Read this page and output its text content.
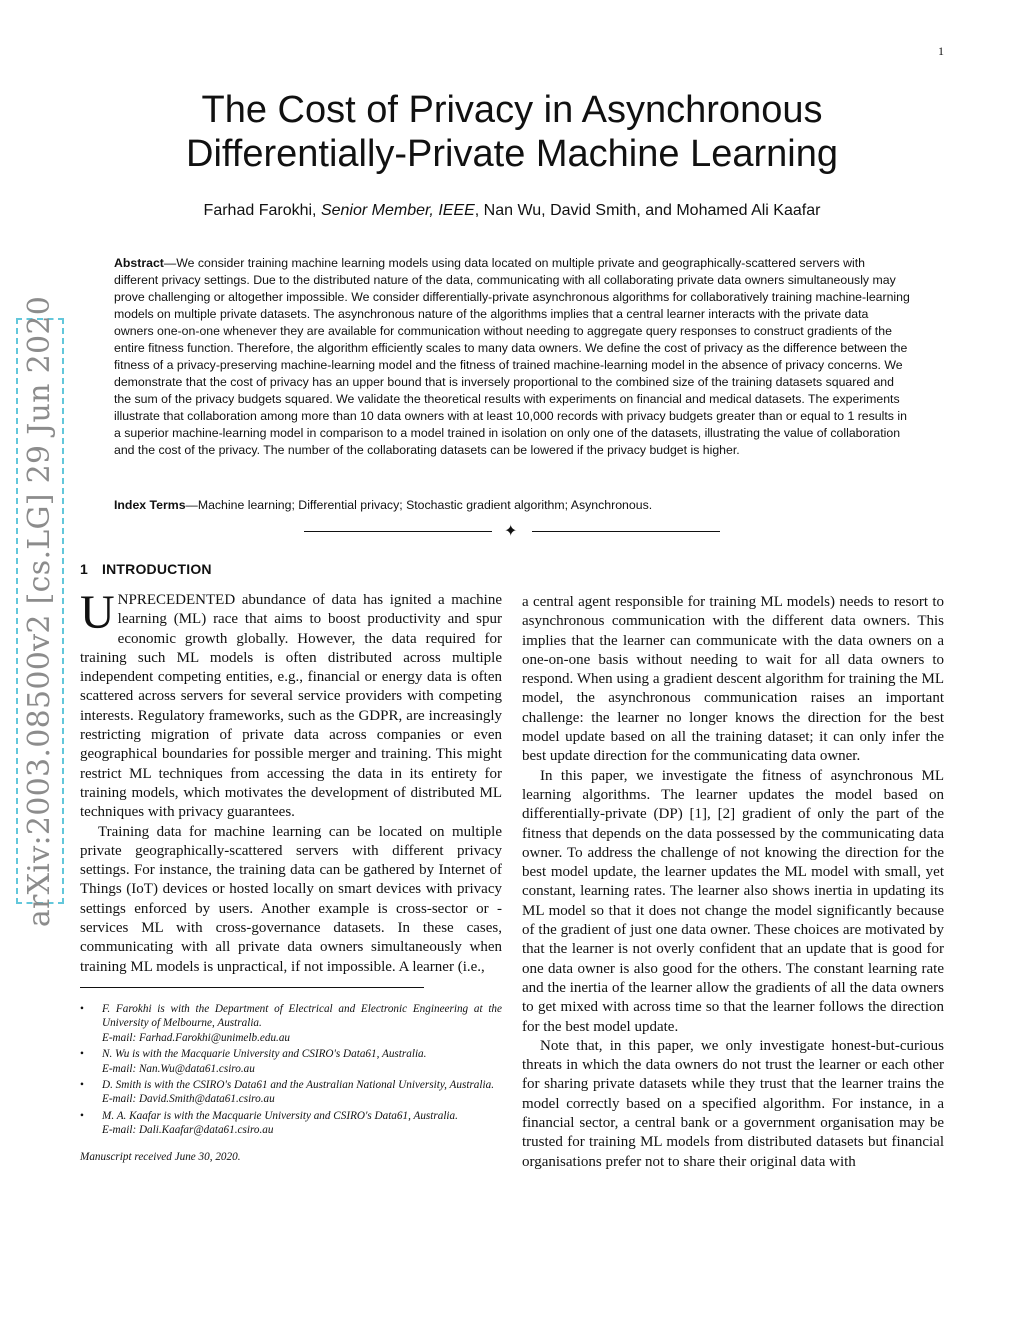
1
arXiv:2003.08500v2 [cs.LG] 29 Jun 2020
The Cost of Privacy in Asynchronous
Differentially-Private Machine Learning

Farhad Farokhi, Senior Member, IEEE, Nan Wu, David Smith, and Mohamed Ali Kaafar

Abstract—We consider training machine learning models using data located on multiple private and geographically-scattered servers with different privacy settings. Due to the distributed nature of the data, communicating with all collaborating private data owners simultaneously may prove challenging or altogether impossible. We consider differentially-private asynchronous algorithms for collaboratively training machine-learning models on multiple private datasets. The asynchronous nature of the algorithms implies that a central learner interacts with the private data owners one-on-one whenever they are available for communication without needing to aggregate query responses to construct gradients of the entire fitness function. Therefore, the algorithm efficiently scales to many data owners. We define the cost of privacy as the difference between the fitness of a privacy-preserving machine-learning model and the fitness of trained machine-learning model in the absence of privacy concerns. We demonstrate that the cost of privacy has an upper bound that is inversely proportional to the combined size of the training datasets squared and the sum of the privacy budgets squared. We validate the theoretical results with experiments on financial and medical datasets. The experiments illustrate that collaboration among more than 10 data owners with at least 10,000 records with privacy budgets greater than or equal to 1 results in a superior machine-learning model in comparison to a model trained in isolation on only one of the datasets, illustrating the value of collaboration and the cost of the privacy. The number of the collaborating datasets can be lowered if the privacy budget is higher.

Index Terms—Machine learning; Differential privacy; Stochastic gradient algorithm; Asynchronous.

✦
1 INTRODUCTION

UNPRECEDENTED abundance of data has ignited a machine learning (ML) race that aims to boost productivity and spur economic growth globally. However, the data required for training such ML models is often distributed across multiple independent competing entities, e.g., financial or energy data is often scattered across servers for several service providers with competing interests. Regulatory frameworks, such as the GDPR, are increasingly restricting migration of private data across companies or even geographical boundaries for possible merger and training. This might restrict ML techniques from accessing the data in its entirety for training models, which motivates the development of distributed ML techniques with privacy guarantees.

Training data for machine learning can be located on multiple private geographically-scattered servers with different privacy settings. For instance, the training data can be gathered by Internet of Things (IoT) devices or hosted locally on smart devices with privacy settings enforced by users. Another example is cross-sector or -services ML with cross-governance datasets. In these cases, communicating with all private data owners simultaneously when training ML models is unpractical, if not impossible. A learner (i.e.,

• F. Farokhi is with the Department of Electrical and Electronic Engineering at the University of Melbourne, Australia.
E-mail: Farhad.Farokhi@unimelb.edu.au
• N. Wu is with the Macquarie University and CSIRO's Data61, Australia.
E-mail: Nan.Wu@data61.csiro.au
• D. Smith is with the CSIRO's Data61 and the Australian National University, Australia.
E-mail: David.Smith@data61.csiro.au
• M. A. Kaafar is with the Macquarie University and CSIRO's Data61, Australia.
E-mail: Dali.Kaafar@data61.csiro.au
Manuscript received June 30, 2020.

a central agent responsible for training ML models) needs to resort to asynchronous communication with the different data owners. This implies that the learner can communicate with the data owners on a one-on-one basis without needing to wait for all data owners to respond. When using a gradient descent algorithm for training the ML model, the asynchronous communication raises an important challenge: the learner no longer knows the direction for the best model update based on all the training dataset; it can only infer the best update direction for the communicating data owner.

In this paper, we investigate the fitness of asynchronous ML learning algorithms. The learner updates the model based on differentially-private (DP) [1], [2] gradient of only the part of the fitness that depends on the data possessed by the communicating data owner. To address the challenge of not knowing the direction for the best model update, the learner updates the ML model with small, yet constant, learning rates. The learner also shows inertia in updating its ML model so that it does not change the model significantly because of the gradient of just one data owner. These choices are motivated by that the learner is not overly confident that an update that is good for one data owner is also good for the others. The constant learning rate and the inertia of the learner allow the gradients of all the data owners to get mixed with across time so that the learner follows the direction for the best model update.

Note that, in this paper, we only investigate honest-but-curious threats in which the data owners do not trust the learner or each other for sharing private datasets while they trust that the learner trains the model correctly based on a specified algorithm. For instance, in a financial sector, a central bank or a government organisation may be trusted for training ML models from distributed datasets but financial organisations prefer not to share their original data with
